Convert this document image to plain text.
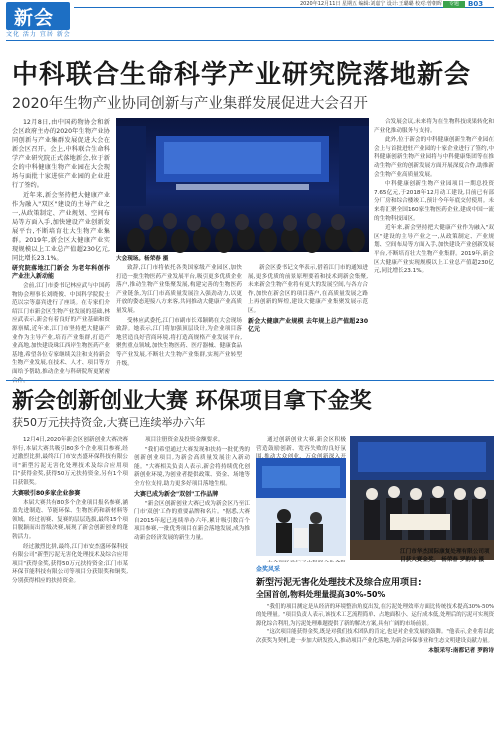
新会
文化 活力 宜居 新会
2020年12月11日 星期五 编辑:刘嘉宁 设计:王璐璐 校对:曾朝晖	专题	B03
中科联合生命科学产业研究院落地新会
2020年生物产业协同创新与产业集群发展促进大会召开

12月8日,由中国药物协会和新会区政府主办的2020年生物产业协同创新与产业集群发展促进大会在新会区召开。会上,中科联合生命科学产业研究院正式落地新会,位于新会的中科健康生物产业园在大会现场与面批十家进驻产业园的企业进行了签约。

近年来,新会坚持把大健康产业作为融入"双区"建设的主导产业之一,从政策制定、产业规划、空间布局等方面入手,加快建设产业创新发展平台,不断培育壮大生物产业集群。2019年,新会区大健康产业实现规模以上工业总产值超230亿元,同比增长23.1%。

研究院落地江门新会 为老年科创作产业注入新动能

会前,江门市委书记林应武与中国药物协会理事长刘晓俊、中国科学院院士范以宗等嘉宾进行了座谈。在专家们介绍江门市新会区生物产业发展的基础,林应武表示,新会有着良好的产业基础和资源禀赋,近年来,江门市坚持把大健康产业作为主导产业,培育产业集群,打造产业高地,加快建设珠江西岸生物医药产业基地,希望各位专家继续关注和支持新会生物产业发展,在技术、人才、项目等方面给予帮助,推动企业与科研院所更紧密

大会现场。杨荣春 摄

致辞,江门市将依托各类国家级产业园区,加快打造一批生物医药产业发展平台,吸引更多优质企业落户,推动生物产业集聚发展,构建完善的生物医药产业链条,为江门市高质量发展注入强劲动力,以更开放的姿态迎接八方来客,共同推动大健康产业高质量发展。

受林应武委托,江门市副市长邓颖鹤在大会现场致辞。她表示,江门将加强顶层设计,为企业项目落地营造良好营商环境,将打造高规格产业发展平台,聚焦重点领域,加快生物医药、医疗器械、健康食品等产业发展,不断壮大生物产业集群,实现产业转型升级。

新会区委书记文华表示,借着江门市的通知进展,更多优质的前景原理要着和技术到新会集聚,未来新会生物产业将有更大的发展空间,与各方合作,加快在新会区的项目落户,在高质量发展之路上再创新的辉煌,建设大健康产业集聚发展示范区。

新会大健康产业规模 去年规上总产值超230亿元

合发展会议,未来将为在生物科技成果转化和产业化推动服务与支持。

此外,位于新会的中科健康创新生物产业园在会上与首批进驻产业园的十家企业进行了签约,中科健康创新生物产业园将与中科健康集团等在推动生物产业的创新发展方面开展深度合作,助推新会生物产业高质量发展。

中科健康创新生物产业园项目一期总投资7.65亿元,于2018年12月动工建设,目前已有部分厂房和综合楼竣工,预计今年年底交付使用。未来将汇聚全国160家生物医药企业,建成中国一流的生物科技园区。

近年来,新会坚持把大健康产业作为融入"双区"建设的主导产业之一,从政策制定、产业规划、空间布局等方面入手,加快建设产业创新发展平台,不断培育壮大生物产业集群。2019年,新会区大健康产业实现规模以上工业总产值超230亿元,同比增长23.1%。

新会创新创业大赛 环保项目拿下金奖
获50万元扶持资金,大赛已连续举办六年

12月4日,2020年新会区创新创业大赛决赛举行,本届大赛共吸引80多个企业项目参赛,经过激烈比拼,最终江门市安杰盛环保科技有限公司"新型污泥无害化处理技术及综合应用项目"获得金奖,获得50万元扶持资金,另有1个项目获银奖。

大赛吸引80多家企业参赛

本届大赛共有80多个企业项目报名参赛,涵盖先进制造、节能环保、生物医药和新材料等领域。经过初赛、复赛的层层选拔,最终15个项目脱颖而出晋级决赛,展现了新会创新创业的蓬勃活力。

经过激烈比拼,最终,江门市安杰盛环保科技有限公司"新型污泥无害化处理技术及综合应用项目"获得金奖,获得50万元扶持资金;江门市某环保节能科技有限公司等项目分获银奖和铜奖,分别获得相应的扶持资金。

项目注册资金及投资金额要求。

"我们希望通过大赛发现和扶持一批优秀的创新创业项目,为新会高质量发展注入新动能。"大赛相关负责人表示,新会将持续优化创新创业环境,为创业者提供政策、资金、场地等全方位支持,助力更多好项目落地生根。

大赛已成为新会"双创"工作品牌

"新会区创新创业大赛已成为新会区乃至江门市'双创'工作的重要品牌和名片。"据悉,大赛自2015年起已连续举办六年,累计吸引数百个项目参赛,一批优秀项目在新会落地发展,成为推动新会经济发展的新生力量。

通过创新创业大赛,新会区积极营造鼓励创新、宽容失败的良好氛

江门市华杰国际康复处理有限公司项目获大赛金奖。 杨荣春 罗韵诗 摄

金奖风采
新型污泥无害化处理技术及综合应用项目:
全国首创,物料处理量提高30%-50%

"我们的项目测定是从经济的环境整治角度出发,在污泥处理效率方面比传统技术提高30%-50%的处理量。"项目负责人表示,该技术工艺流程简单、占地面积小、运行成本低,处理后的污泥可实现资源化综合利用,为污泥处理难题提供了新的解决方案,具有广阔的市场前景。

"这次项目能获得金奖,既是对我们技术团队的肯定,也是对企业发展的鼓舞。"他表示,企业将以此次获奖为契机,进一步加大研发投入,推动项目产业化落地,为新会环保事业和生态文明建设贡献力量。

本版采写:南都记者 罗韵诗
